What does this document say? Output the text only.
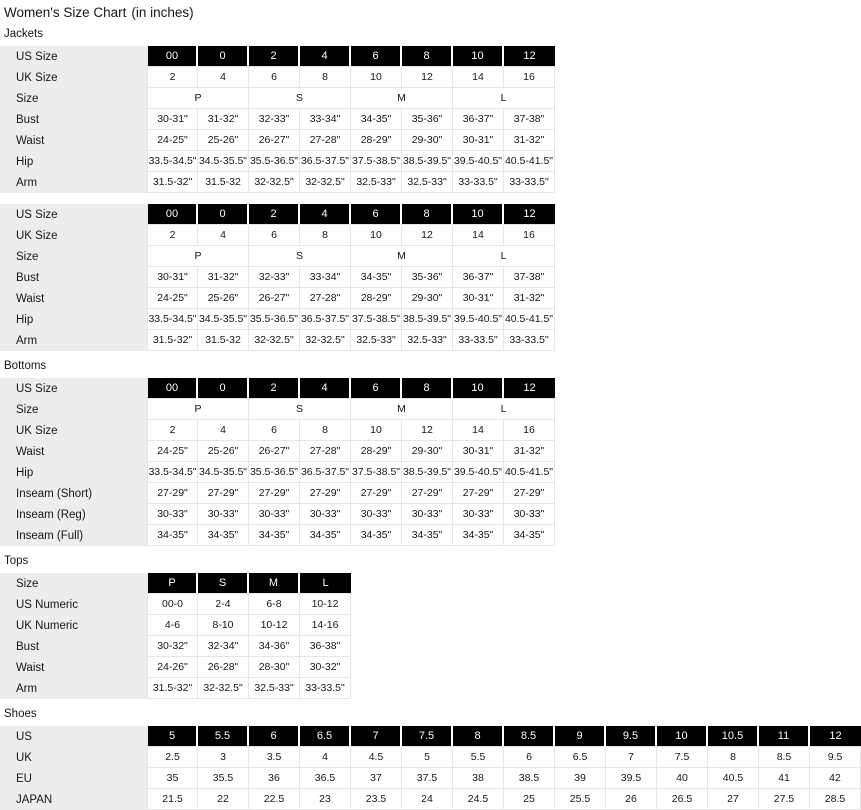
Women's Size Chart (in inches)
Jackets
US Size	00	0	2	4	6	8	10	12
UK Size	2	4	6	8	10	12	14	16
Size	P		S		M		L	
Bust	30-31"	31-32"	32-33"	33-34"	34-35"	35-36"	36-37"	37-38"
Waist	24-25"	25-26"	26-27"	27-28"	28-29"	29-30"	30-31"	31-32"
Hip	33.5-34.5"	34.5-35.5"	35.5-36.5"	36.5-37.5"	37.5-38.5"	38.5-39.5"	39.5-40.5"	40.5-41.5"
Arm	31.5-32"	31.5-32	32-32.5"	32-32.5"	32.5-33"	32.5-33"	33-33.5"	33-33.5"
US Size	00	0	2	4	6	8	10	12
UK Size	2	4	6	8	10	12	14	16
Size	P		S		M		L	
Bust	30-31"	31-32"	32-33"	33-34"	34-35"	35-36"	36-37"	37-38"
Waist	24-25"	25-26"	26-27"	27-28"	28-29"	29-30"	30-31"	31-32"
Hip	33.5-34.5"	34.5-35.5"	35.5-36.5"	36.5-37.5"	37.5-38.5"	38.5-39.5"	39.5-40.5"	40.5-41.5"
Arm	31.5-32"	31.5-32	32-32.5"	32-32.5"	32.5-33"	32.5-33"	33-33.5"	33-33.5"
Bottoms
US Size	00	0	2	4	6	8	10	12
Size	P		S		M		L	
UK Size	2	4	6	8	10	12	14	16
Waist	24-25"	25-26"	26-27"	27-28"	28-29"	29-30"	30-31"	31-32"
Hip	33.5-34.5"	34.5-35.5"	35.5-36.5"	36.5-37.5"	37.5-38.5"	38.5-39.5"	39.5-40.5"	40.5-41.5"
Inseam (Short)	27-29"	27-29"	27-29"	27-29"	27-29"	27-29"	27-29"	27-29"
Inseam (Reg)	30-33"	30-33"	30-33"	30-33"	30-33"	30-33"	30-33"	30-33"
Inseam (Full)	34-35"	34-35"	34-35"	34-35"	34-35"	34-35"	34-35"	34-35"
Tops
Size	P	S	M	L
US Numeric	00-0	2-4	6-8	10-12
UK Numeric	4-6	8-10	10-12	14-16
Bust	30-32"	32-34"	34-36"	36-38"
Waist	24-26"	26-28"	28-30"	30-32"
Arm	31.5-32"	32-32.5"	32.5-33"	33-33.5"
Shoes
US	5	5.5	6	6.5	7	7.5	8	8.5	9	9.5	10	10.5	11	12
UK	2.5	3	3.5	4	4.5	5	5.5	6	6.5	7	7.5	8	8.5	9.5
EU	35	35.5	36	36.5	37	37.5	38	38.5	39	39.5	40	40.5	41	42
JAPAN	21.5	22	22.5	23	23.5	24	24.5	25	25.5	26	26.5	27	27.5	28.5
